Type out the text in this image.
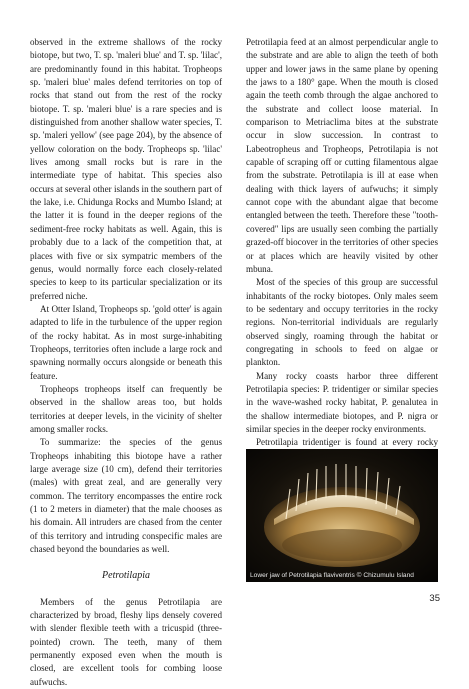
observed in the extreme shallows of the rocky biotope, but two, T. sp. 'maleri blue' and T. sp. 'lilac', are predominantly found in this habitat. Tropheops sp. 'maleri blue' males defend territories on top of rocks that stand out from the rest of the rocky biotope. T. sp. 'maleri blue' is a rare species and is distinguished from another shallow water species, T. sp. 'maleri yellow' (see page 204), by the absence of yellow coloration on the body. Tropheops sp. 'lilac' lives among small rocks but is rare in the intermediate type of habitat. This species also occurs at several other islands in the southern part of the lake, i.e. Chidunga Rocks and Mumbo Island; at the latter it is found in the deeper regions of the sediment-free rocky habitats as well. Again, this is probably due to a lack of the competition that, at places with five or six sympatric members of the genus, would normally force each closely-related species to keep to its particular specialization or its preferred niche.

At Otter Island, Tropheops sp. 'gold otter' is again adapted to life in the turbulence of the upper region of the rocky habitat. As in most surge-inhabiting Tropheops, territories often include a large rock and spawning normally occurs alongside or beneath this feature.

Tropheops tropheops itself can frequently be observed in the shallow areas too, but holds territories at deeper levels, in the vicinity of shelter among smaller rocks.

To summarize: the species of the genus Tropheops inhabiting this biotope have a rather large average size (10 cm), defend their territories (males) with great zeal, and are generally very common. The territory encompasses the entire rock (1 to 2 meters in diameter) that the male chooses as his domain. All intruders are chased from the center of this territory and intruding conspecific males are chased beyond the boundaries as well.

Petrotilapia

Members of the genus Petrotilapia are characterized by broad, fleshy lips densely covered with slender flexible teeth with a tricuspid (three-pointed) crown. The teeth, many of them permanently exposed even when the mouth is closed, are excellent tools for combing loose aufwuchs.

Petrotilapia feed at an almost perpendicular angle to the substrate and are able to align the teeth of both upper and lower jaws in the same plane by opening the jaws to a 180° gape. When the mouth is closed again the teeth comb through the algae anchored to the substrate and collect loose material. In comparison to Metriaclima bites at the substrate occur in slow succession. In contrast to Labeotropheus and Tropheops, Petrotilapia is not capable of scraping off or cutting filamentous algae from the substrate. Petrotilapia is ill at ease when dealing with thick layers of aufwuchs; it simply cannot cope with the abundant algae that become entangled between the teeth. Therefore these "tooth-covered" lips are usually seen combing the partially grazed-off biocover in the territories of other species or at places which are heavily visited by other mbuna.

Most of the species of this group are successful inhabitants of the rocky biotopes. Only males seem to be sedentary and occupy territories in the rocky regions. Non-territorial individuals are regularly observed singly, roaming through the habitat or congregating in schools to feed on algae or plankton.

Many rocky coasts harbor three different Petrotilapia species: P. tridentiger or similar species in the wave-washed rocky habitat, P. genalutea in the shallow intermediate biotopes, and P. nigra or similar species in the deeper rocky environments.

Petrotilapia tridentiger is found at every rocky

Lower jaw of Petrotilapia flaviventris © Chizumulu Island
35
